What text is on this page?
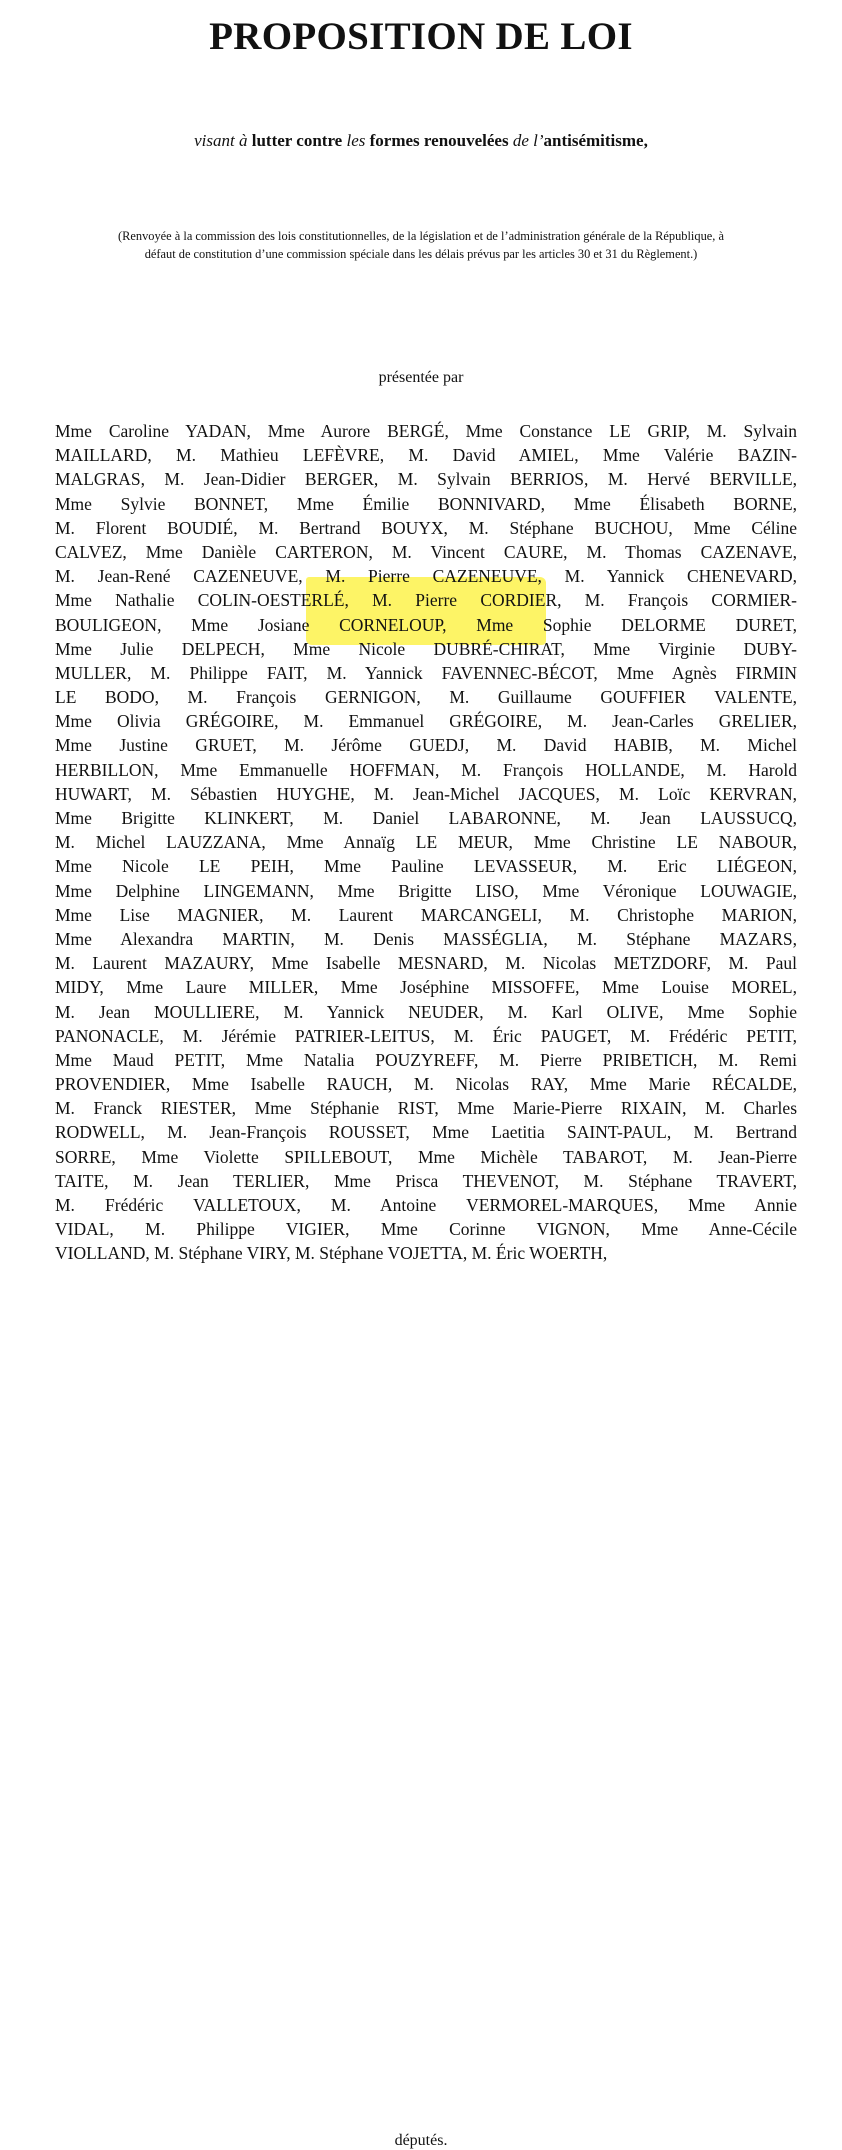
PROPOSITION DE LOI

visant à lutter contre les formes renouvelées de l’antisémitisme,

(Renvoyée à la commission des lois constitutionnelles, de la législation et de l’administration générale de la République, à défaut de constitution d’une commission spéciale dans les délais prévus par les articles 30 et 31 du Règlement.)

présentée par

Mme Caroline YADAN, Mme Aurore BERGÉ, Mme Constance LE GRIP, M. Sylvain
MAILLARD, M. Mathieu LEFÈVRE, M. David AMIEL, Mme Valérie BAZIN-
MALGRAS, M. Jean-Didier BERGER, M. Sylvain BERRIOS, M. Hervé BERVILLE,
Mme Sylvie BONNET, Mme Émilie BONNIVARD, Mme Élisabeth BORNE,
M. Florent BOUDIÉ, M. Bertrand BOUYX, M. Stéphane BUCHOU, Mme Céline
CALVEZ, Mme Danièle CARTERON, M. Vincent CAURE, M. Thomas CAZENAVE,
M. Jean-René CAZENEUVE, M. Pierre CAZENEUVE, M. Yannick CHENEVARD,
Mme Nathalie COLIN-OESTERLÉ, M. Pierre CORDIER, M. François CORMIER-
BOULIGEON, Mme Josiane CORNELOUP, Mme Sophie DELORME DURET,
Mme Julie DELPECH, Mme Nicole DUBRÉ-CHIRAT, Mme Virginie DUBY-
MULLER, M. Philippe FAIT, M. Yannick FAVENNEC-BÉCOT, Mme Agnès FIRMIN
LE BODO, M. François GERNIGON, M. Guillaume GOUFFIER VALENTE,
Mme Olivia GRÉGOIRE, M. Emmanuel GRÉGOIRE, M. Jean-Carles GRELIER,
Mme Justine GRUET, M. Jérôme GUEDJ, M. David HABIB, M. Michel
HERBILLON, Mme Emmanuelle HOFFMAN, M. François HOLLANDE, M. Harold
HUWART, M. Sébastien HUYGHE, M. Jean-Michel JACQUES, M. Loïc KERVRAN,
Mme Brigitte KLINKERT, M. Daniel LABARONNE, M. Jean LAUSSUCQ,
M. Michel LAUZZANA, Mme Annaïg LE MEUR, Mme Christine LE NABOUR,
Mme Nicole LE PEIH, Mme Pauline LEVASSEUR, M. Eric LIÉGEON,
Mme Delphine LINGEMANN, Mme Brigitte LISO, Mme Véronique LOUWAGIE,
Mme Lise MAGNIER, M. Laurent MARCANGELI, M. Christophe MARION,
Mme Alexandra MARTIN, M. Denis MASSÉGLIA, M. Stéphane MAZARS,
M. Laurent MAZAURY, Mme Isabelle MESNARD, M. Nicolas METZDORF, M. Paul
MIDY, Mme Laure MILLER, Mme Joséphine MISSOFFE, Mme Louise MOREL,
M. Jean MOULLIERE, M. Yannick NEUDER, M. Karl OLIVE, Mme Sophie
PANONACLE, M. Jérémie PATRIER-LEITUS, M. Éric PAUGET, M. Frédéric PETIT,
Mme Maud PETIT, Mme Natalia POUZYREFF, M. Pierre PRIBETICH, M. Remi
PROVENDIER, Mme Isabelle RAUCH, M. Nicolas RAY, Mme Marie RÉCALDE,
M. Franck RIESTER, Mme Stéphanie RIST, Mme Marie-Pierre RIXAIN, M. Charles
RODWELL, M. Jean-François ROUSSET, Mme Laetitia SAINT-PAUL, M. Bertrand
SORRE, Mme Violette SPILLEBOUT, Mme Michèle TABAROT, M. Jean-Pierre
TAITE, M. Jean TERLIER, Mme Prisca THEVENOT, M. Stéphane TRAVERT,
M. Frédéric VALLETOUX, M. Antoine VERMOREL-MARQUES, Mme Annie
VIDAL, M. Philippe VIGIER, Mme Corinne VIGNON, Mme Anne-Cécile
VIOLLAND, M. Stéphane VIRY, M. Stéphane VOJETTA, M. Éric WOERTH,

députés.
